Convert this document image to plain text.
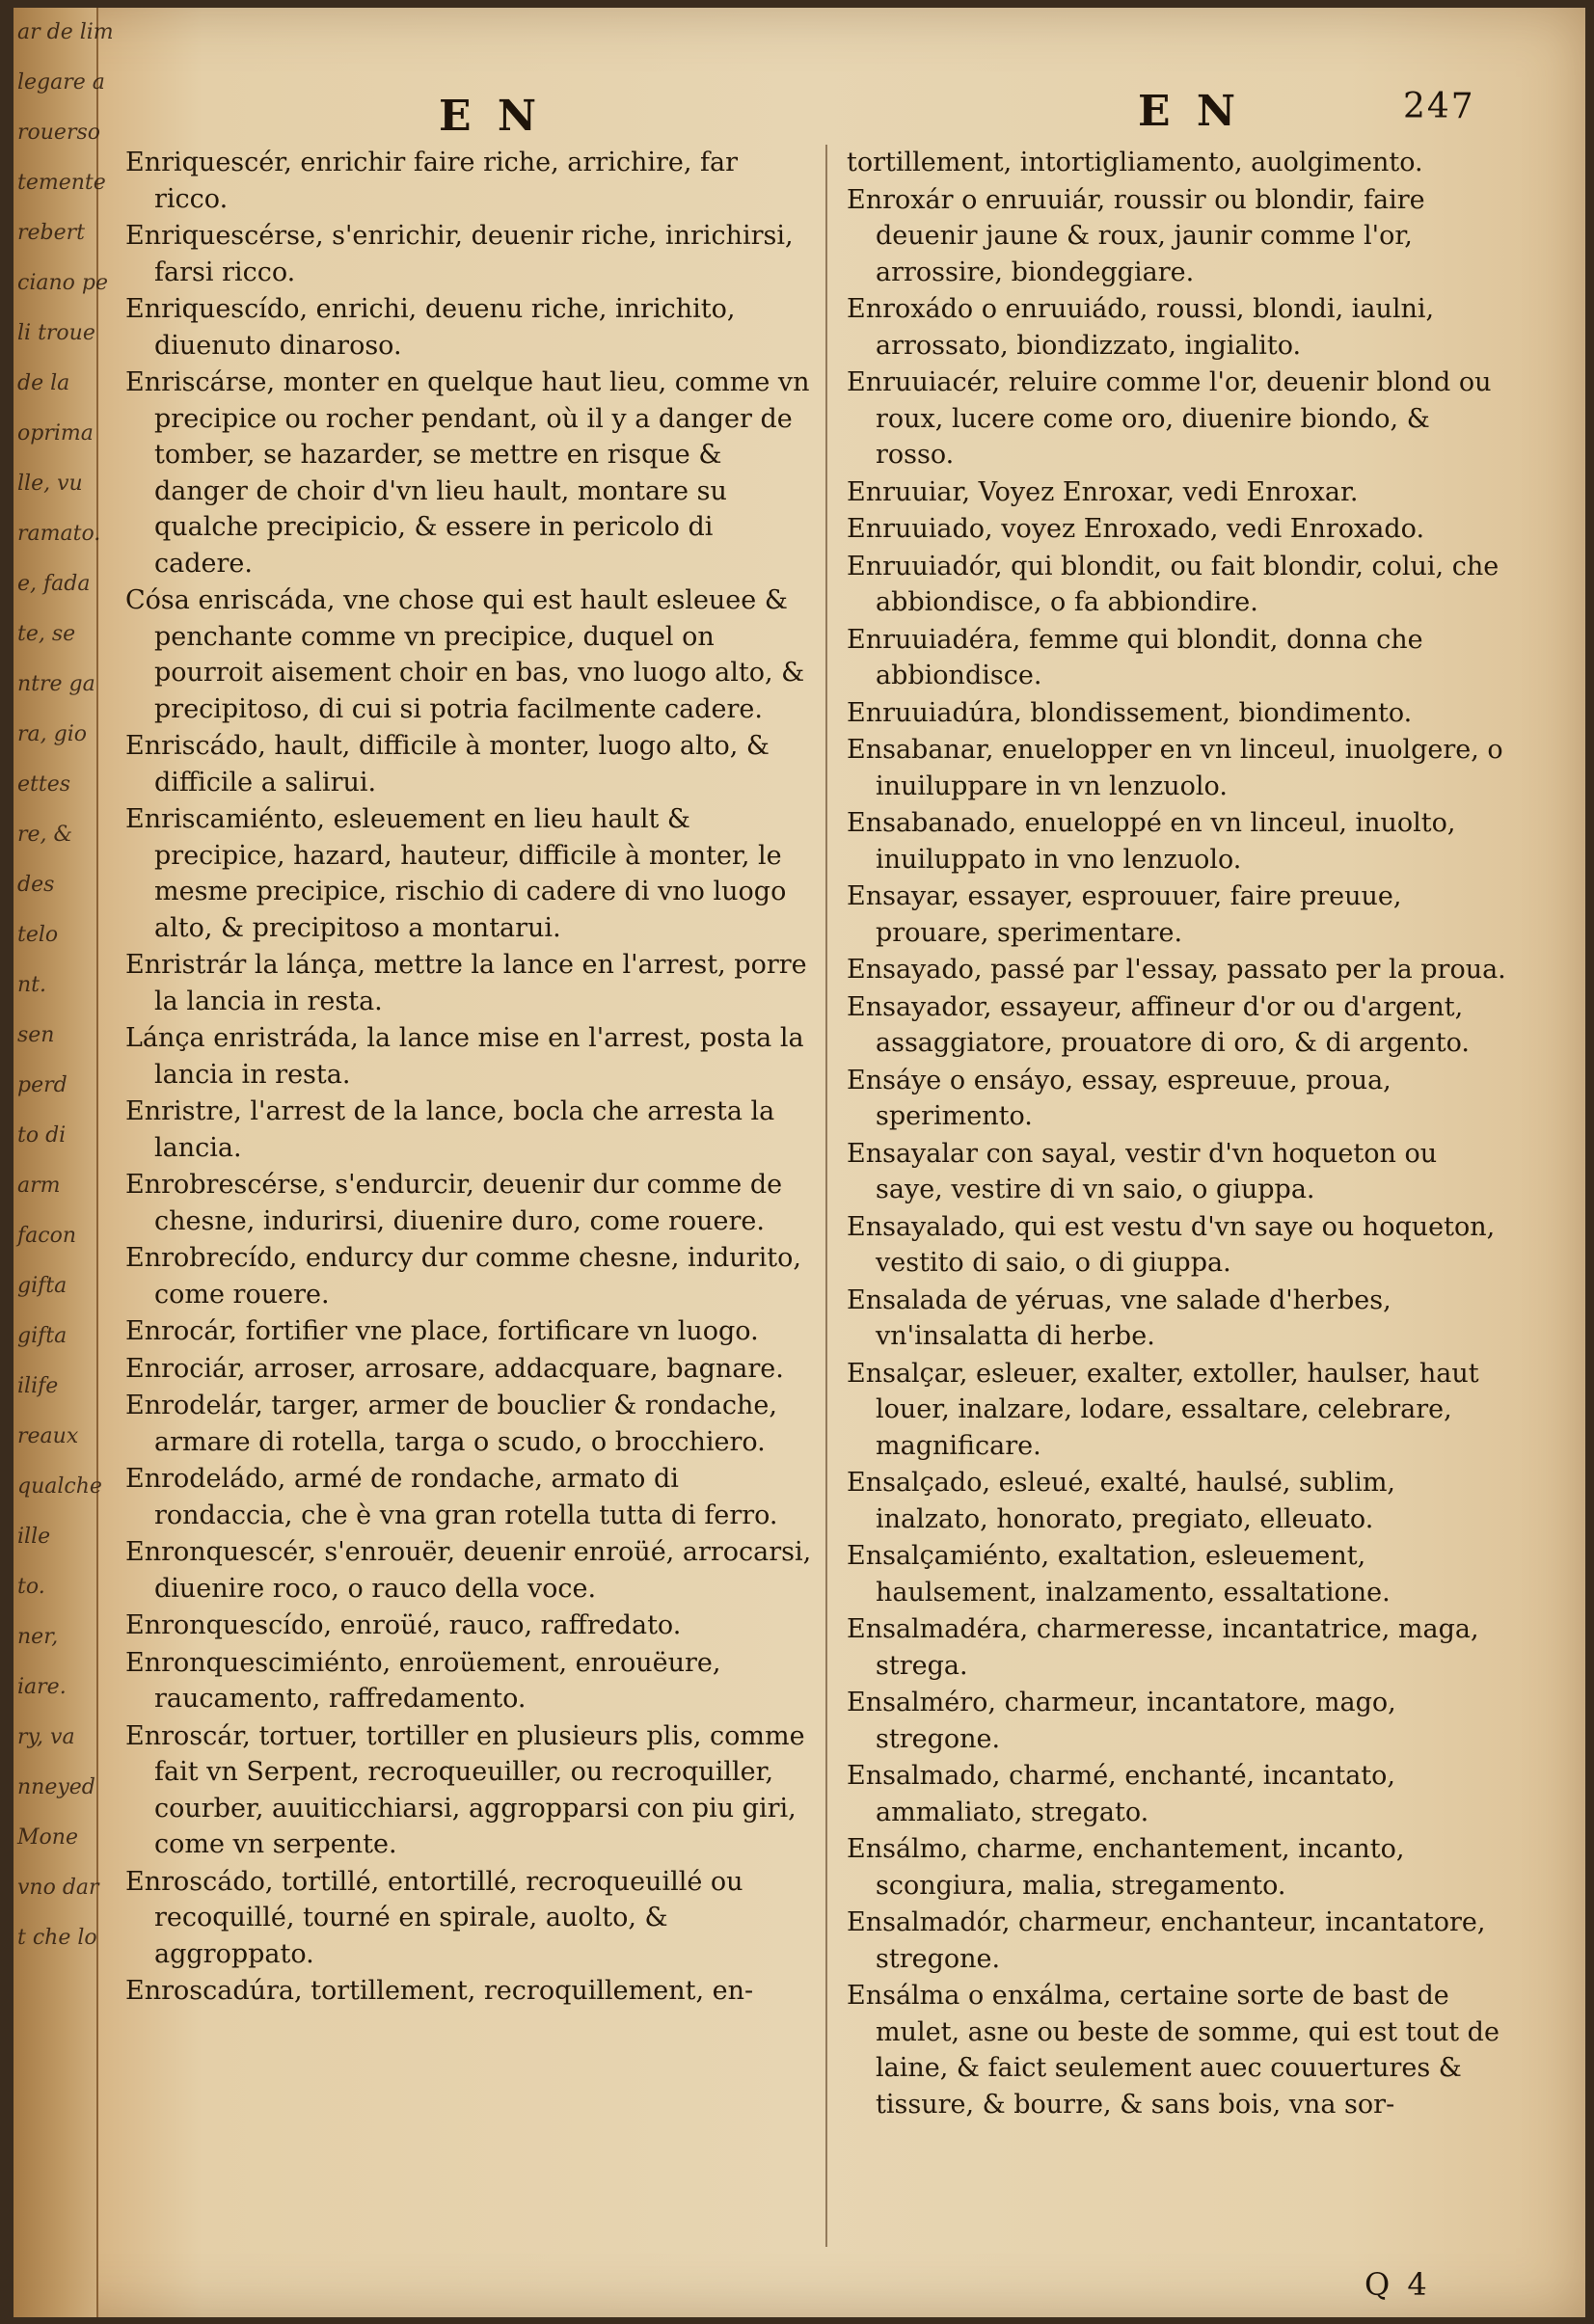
ar de lim
legare a
rouerso
temente
rebert
ciano pe
li troue
de la
oprima
lle, vu
ramato.
e, fada
te, se
ntre ga
ra, gio
ettes
re, &
des
telo
nt.
sen
perd
to di
arm
facon
gifta
gifta
ilife
reaux
qualche
ille
to.
ner,
iare.
ry, va
nneyed
Mone
vno dar
t che lo
E N	E N	247
Enriquescér, enrichir faire riche, arrichire, far ricco.
Enriquescérse, s'enrichir, deuenir riche, inrichirsi, farsi ricco.
Enriquescído, enrichi, deuenu riche, inrichito, diuenuto dinaroso.
Enriscárse, monter en quelque haut lieu, comme vn precipice ou rocher pendant, où il y a danger de tomber, se hazarder, se mettre en risque & danger de choir d'vn lieu hault, montare su qualche precipicio, & essere in pericolo di cadere.
Cósa enriscáda, vne chose qui est hault esleuee & penchante comme vn precipice, duquel on pourroit aisement choir en bas, vno luogo alto, & precipitoso, di cui si potria facilmente cadere.
Enriscádo, hault, difficile à monter, luogo alto, & difficile a salirui.
Enriscamiénto, esleuement en lieu hault & precipice, hazard, hauteur, difficile à monter, le mesme precipice, rischio di cadere di vno luogo alto, & precipitoso a montarui.
Enristrár la lánça, mettre la lance en l'arrest, porre la lancia in resta.
Lánça enristráda, la lance mise en l'arrest, posta la lancia in resta.
Enristre, l'arrest de la lance, bocla che arresta la lancia.
Enrobrescérse, s'endurcir, deuenir dur comme de chesne, indurirsi, diuenire duro, come rouere.
Enrobrecído, endurcy dur comme chesne, indurito, come rouere.
Enrocár, fortifier vne place, fortificare vn luogo.
Enrociár, arroser, arrosare, addacquare, bagnare.
Enrodelár, targer, armer de bouclier & rondache, armare di rotella, targa o scudo, o brocchiero.
Enrodeládo, armé de rondache, armato di rondaccia, che è vna gran rotella tutta di ferro.
Enronquescér, s'enrouër, deuenir enroüé, arrocarsi, diuenire roco, o rauco della voce.
Enronquescído, enroüé, rauco, raffredato.
Enronquescimiénto, enroüement, enrouëure, raucamento, raffredamento.
Enroscár, tortuer, tortiller en plusieurs plis, comme fait vn Serpent, recroqueuiller, ou recroquiller, courber, auuiticchiarsi, aggropparsi con piu giri, come vn serpente.
Enroscádo, tortillé, entortillé, recroqueuillé ou recoquillé, tourné en spirale, auolto, & aggroppato.
Enroscadúra, tortillement, recroquillement, en-
tortillement, intortigliamento, auolgimento.
Enroxár o enruuiár, roussir ou blondir, faire deuenir jaune & roux, jaunir comme l'or, arrossire, biondeggiare.
Enroxádo o enruuiádo, roussi, blondi, iaulni, arrossato, biondizzato, ingialito.
Enruuiacér, reluire comme l'or, deuenir blond ou roux, lucere come oro, diuenire biondo, & rosso.
Enruuiar, Voyez Enroxar, vedi Enroxar.
Enruuiado, voyez Enroxado, vedi Enroxado.
Enruuiadór, qui blondit, ou fait blondir, colui, che abbiondisce, o fa abbiondire.
Enruuiadéra, femme qui blondit, donna che abbiondisce.
Enruuiadúra, blondissement, biondimento.
Ensabanar, enuelopper en vn linceul, inuolgere, o inuiluppare in vn lenzuolo.
Ensabanado, enueloppé en vn linceul, inuolto, inuiluppato in vno lenzuolo.
Ensayar, essayer, esprouuer, faire preuue, prouare, sperimentare.
Ensayado, passé par l'essay, passato per la proua.
Ensayador, essayeur, affineur d'or ou d'argent, assaggiatore, prouatore di oro, & di argento.
Ensáye o ensáyo, essay, espreuue, proua, sperimento.
Ensayalar con sayal, vestir d'vn hoqueton ou saye, vestire di vn saio, o giuppa.
Ensayalado, qui est vestu d'vn saye ou hoqueton, vestito di saio, o di giuppa.
Ensalada de yéruas, vne salade d'herbes, vn'insalatta di herbe.
Ensalçar, esleuer, exalter, extoller, haulser, haut louer, inalzare, lodare, essaltare, celebrare, magnificare.
Ensalçado, esleué, exalté, haulsé, sublim, inalzato, honorato, pregiato, elleuato.
Ensalçamiénto, exaltation, esleuement, haulsement, inalzamento, essaltatione.
Ensalmadéra, charmeresse, incantatrice, maga, strega.
Ensalméro, charmeur, incantatore, mago, stregone.
Ensalmado, charmé, enchanté, incantato, ammaliato, stregato.
Ensálmo, charme, enchantement, incanto, scongiura, malia, stregamento.
Ensalmadór, charmeur, enchanteur, incantatore, stregone.
Ensálma o enxálma, certaine sorte de bast de mulet, asne ou beste de somme, qui est tout de laine, & faict seulement auec couuertures & tissure, & bourre, & sans bois, vna sor-
Q 4
